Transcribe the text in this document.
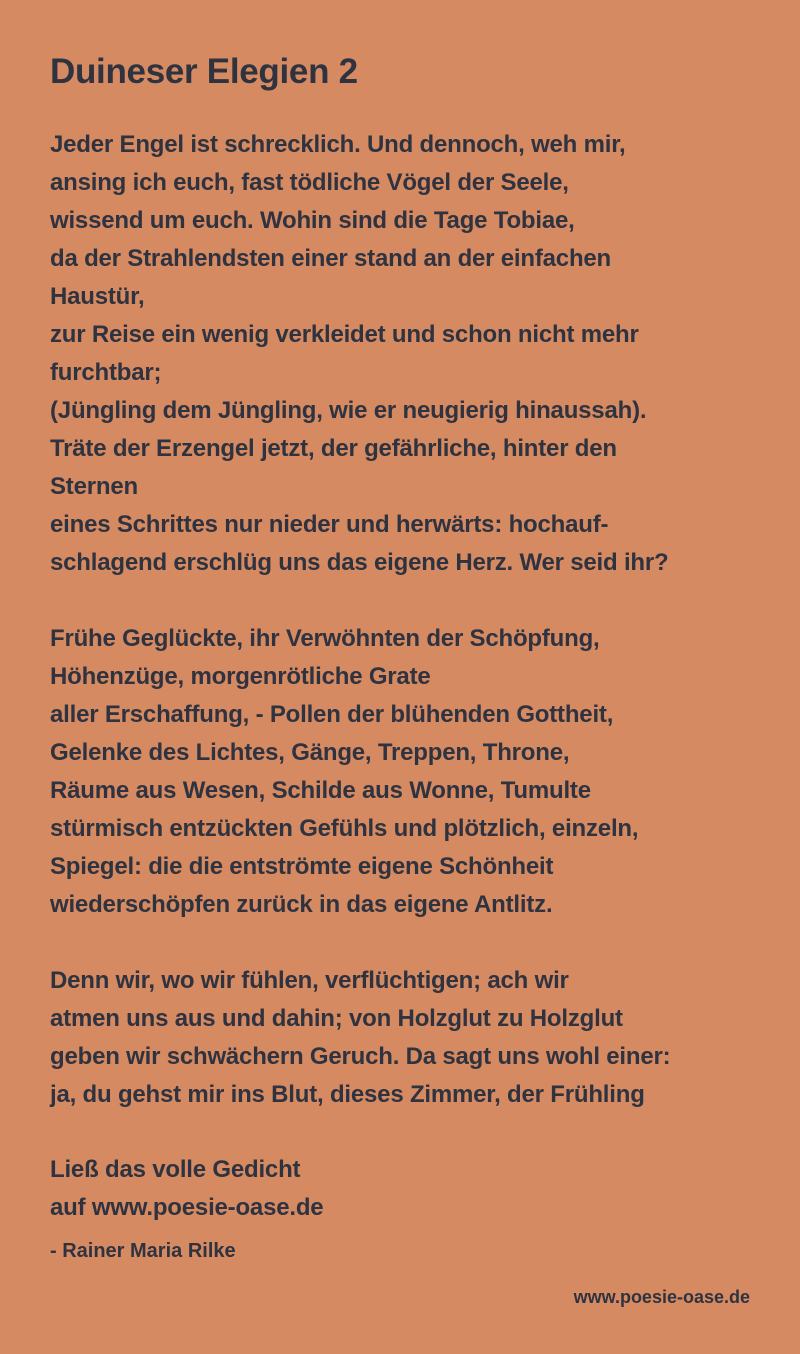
Duineser Elegien 2
Jeder Engel ist schrecklich. Und dennoch, weh mir,
ansing ich euch, fast tödliche Vögel der Seele,
wissend um euch. Wohin sind die Tage Tobiae,
da der Strahlendsten einer stand an der einfachen
Haustür,
zur Reise ein wenig verkleidet und schon nicht mehr
furchtbar;
(Jüngling dem Jüngling, wie er neugierig hinaussah).
Träte der Erzengel jetzt, der gefährliche, hinter den
Sternen
eines Schrittes nur nieder und herwärts: hochauf-
schlagend erschlüg uns das eigene Herz. Wer seid ihr?
Frühe Geglückte, ihr Verwöhnten der Schöpfung,
Höhenzüge, morgenrötliche Grate
aller Erschaffung, - Pollen der blühenden Gottheit,
Gelenke des Lichtes, Gänge, Treppen, Throne,
Räume aus Wesen, Schilde aus Wonne, Tumulte
stürmisch entzückten Gefühls und plötzlich, einzeln,
Spiegel: die die entströmte eigene Schönheit
wiederschöpfen zurück in das eigene Antlitz.
Denn wir, wo wir fühlen, verflüchtigen; ach wir
atmen uns aus und dahin; von Holzglut zu Holzglut
geben wir schwächern Geruch. Da sagt uns wohl einer:
ja, du gehst mir ins Blut, dieses Zimmer, der Frühling
Ließ das volle Gedicht
auf www.poesie-oase.de
- Rainer Maria Rilke
www.poesie-oase.de
